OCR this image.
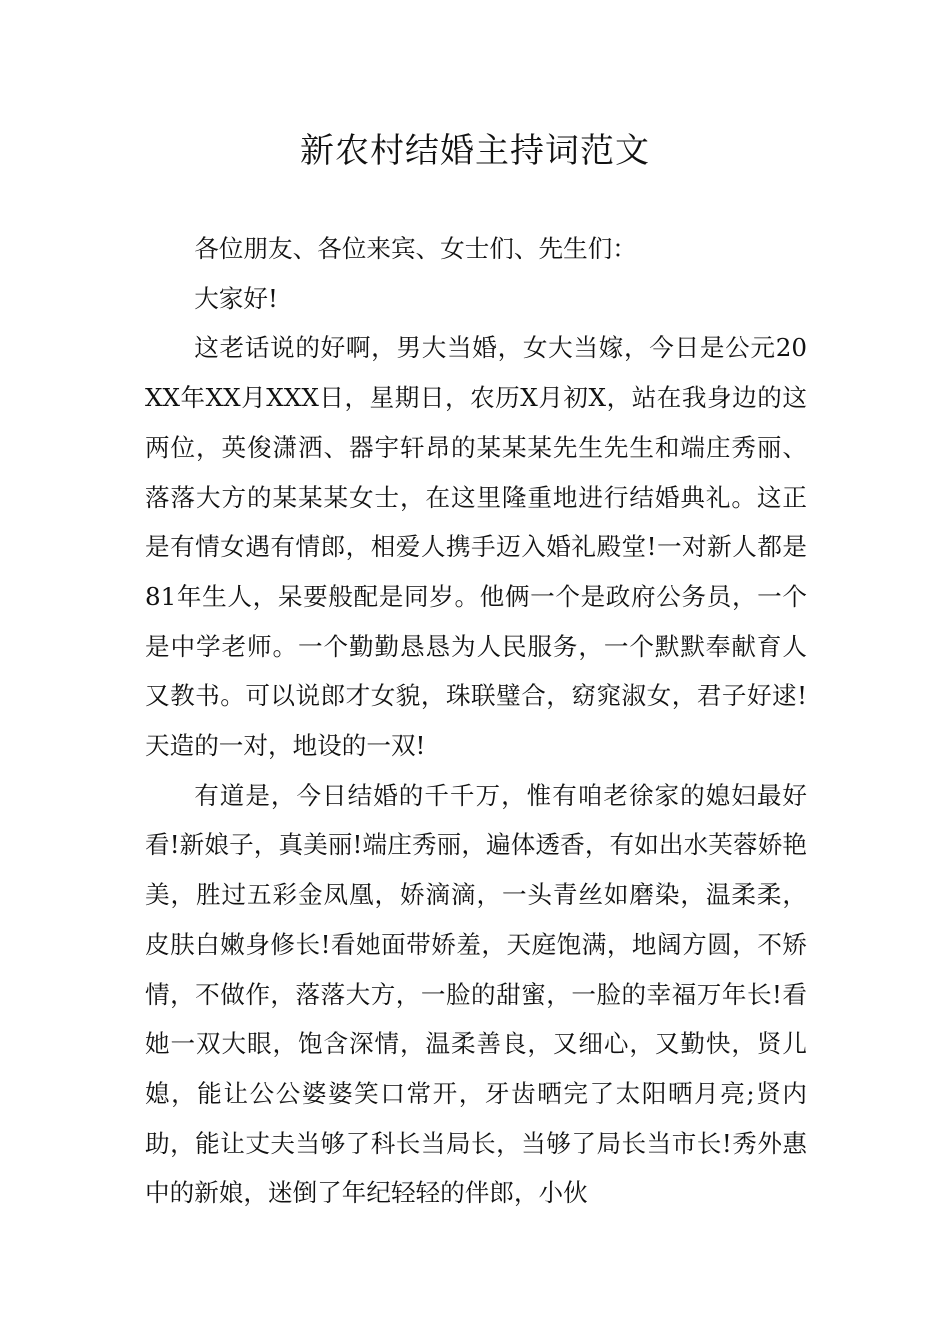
新农村结婚主持词范文

各位朋友、各位来宾、女士们、先生们：

大家好!

这老话说的好啊，男大当婚，女大当嫁，今日是公元20XX年XX月XXX日，星期日，农历X月初X，站在我身边的这两位，英俊潇洒、器宇轩昂的某某某先生先生和端庄秀丽、落落大方的某某某女士，在这里隆重地进行结婚典礼。这正是有情女遇有情郎，相爱人携手迈入婚礼殿堂!一对新人都是81年生人，呆要般配是同岁。他俩一个是政府公务员，一个是中学老师。一个勤勤恳恳为人民服务，一个默默奉献育人又教书。可以说郎才女貌，珠联璧合，窈窕淑女，君子好逑!天造的一对，地设的一双!

有道是，今日结婚的千千万，惟有咱老徐家的媳妇最好看!新娘子，真美丽!端庄秀丽，遍体透香，有如出水芙蓉娇艳美，胜过五彩金凤凰，娇滴滴，一头青丝如磨染，温柔柔，皮肤白嫩身修长!看她面带娇羞，天庭饱满，地阔方圆，不矫情，不做作，落落大方，一脸的甜蜜，一脸的幸福万年长!看她一双大眼，饱含深情，温柔善良，又细心，又勤快，贤儿媳，能让公公婆婆笑口常开，牙齿晒完了太阳晒月亮;贤内助，能让丈夫当够了科长当局长，当够了局长当市长!秀外惠中的新娘，迷倒了年纪轻轻的伴郎，小伙
